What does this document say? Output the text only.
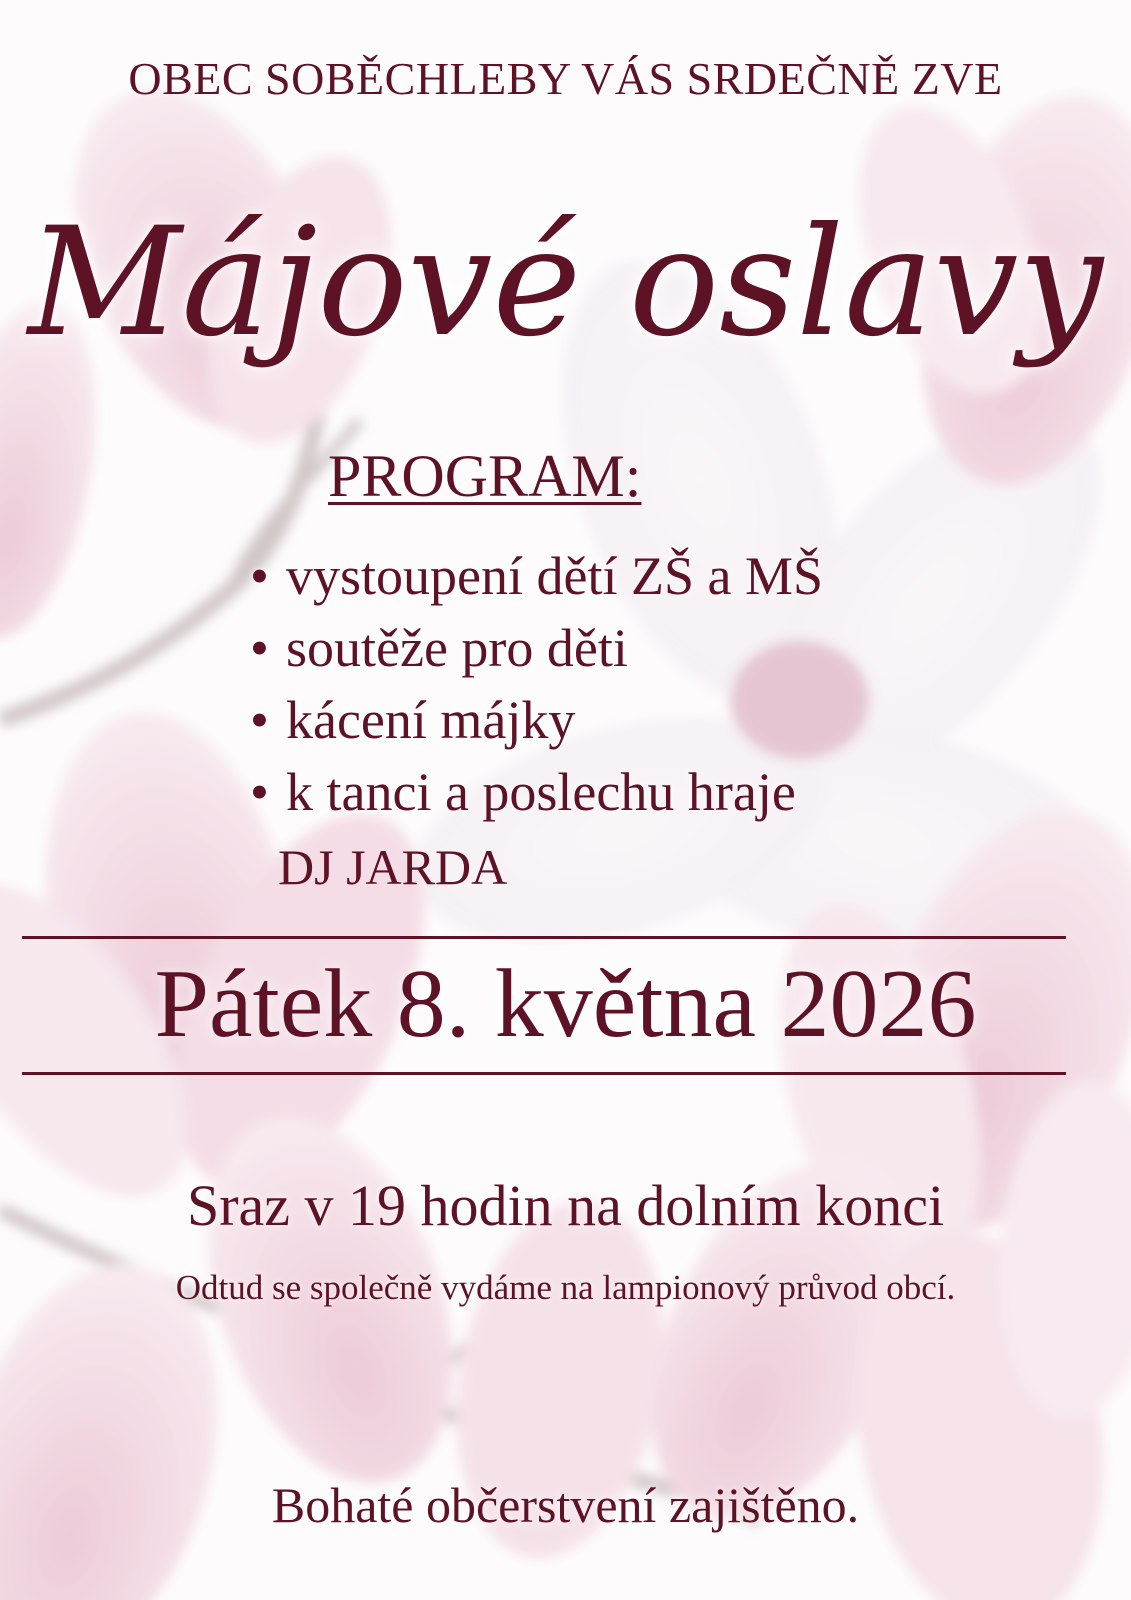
OBEC SOBĚCHLEBY VÁS SRDEČNĚ ZVE

Májové oslavy

PROGRAM:

• vystoupení dětí ZŠ a MŠ
• soutěže pro děti
• kácení májky
• k tanci a poslechu hraje

DJ JARDA

Pátek 8. května 2026

Sraz v 19 hodin na dolním konci

Odtud se společně vydáme na lampionový průvod obcí.

Bohaté občerstvení zajištěno.
